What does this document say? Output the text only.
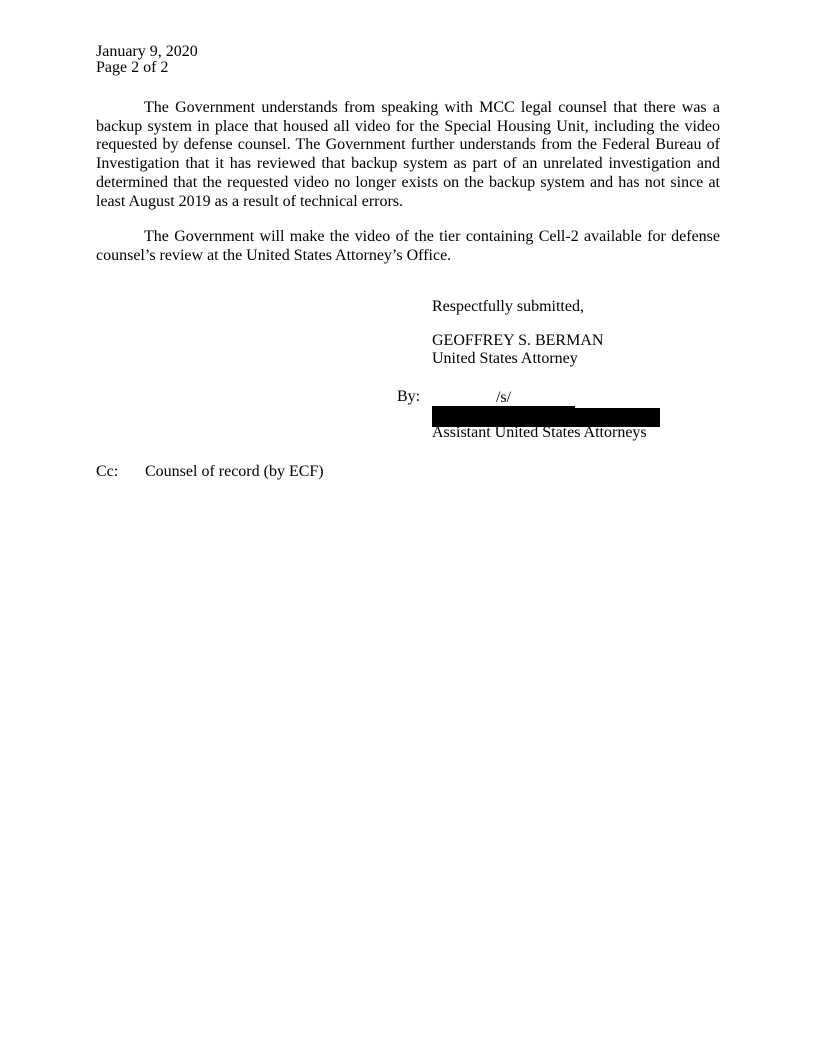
January 9, 2020
Page 2 of 2

The Government understands from speaking with MCC legal counsel that there was a backup system in place that housed all video for the Special Housing Unit, including the video requested by defense counsel. The Government further understands from the Federal Bureau of Investigation that it has reviewed that backup system as part of an unrelated investigation and determined that the requested video no longer exists on the backup system and has not since at least August 2019 as a result of technical errors.

The Government will make the video of the tier containing Cell-2 available for defense counsel’s review at the United States Attorney’s Office.

Respectfully submitted,
GEOFFREY S. BERMAN
United States Attorney
By:	/s/
Assistant United States Attorneys
Cc: Counsel of record (by ECF)
